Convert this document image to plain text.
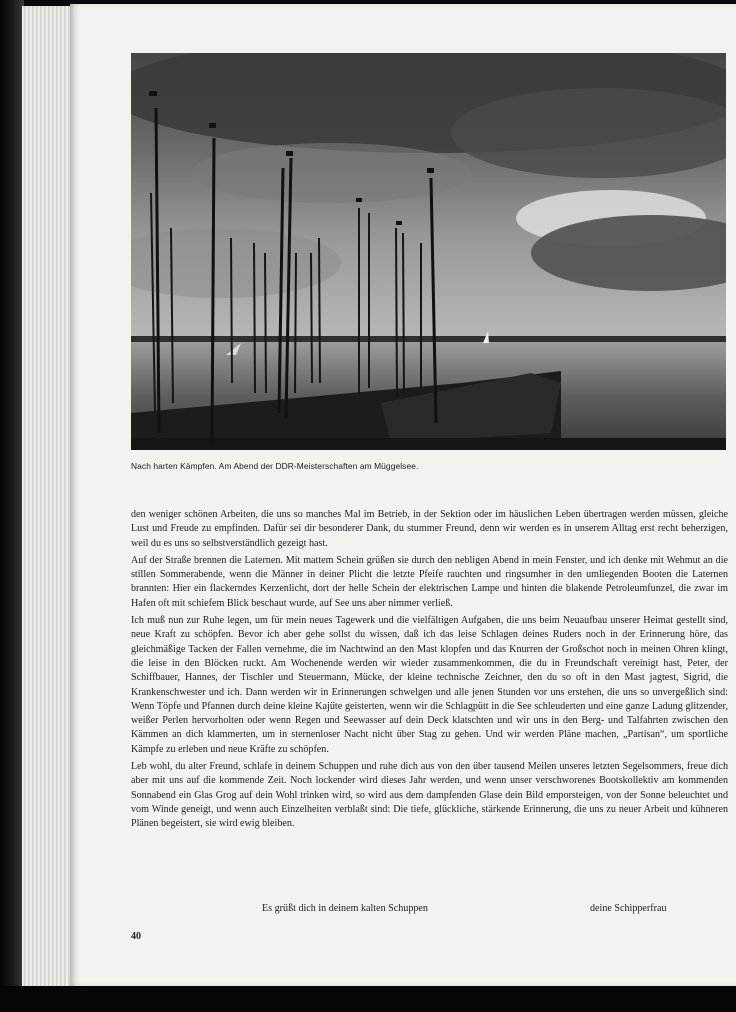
Nach harten Kämpfen. Am Abend der DDR-Meisterschaften am Müggelsee.

den weniger schönen Arbeiten, die uns so manches Mal im Betrieb, in der Sektion oder im häuslichen Leben übertragen werden müssen, gleiche Lust und Freude zu empfinden. Dafür sei dir besonderer Dank, du stummer Freund, denn wir werden es in unserem Alltag erst recht beherzigen, weil du es uns so selbstverständlich gezeigt hast.

Auf der Straße brennen die Laternen. Mit mattem Schein grüßen sie durch den nebligen Abend in mein Fenster, und ich denke mit Wehmut an die stillen Sommerabende, wenn die Männer in deiner Plicht die letzte Pfeife rauchten und ringsumher in den umliegenden Booten die Laternen brannten: Hier ein flackerndes Kerzenlicht, dort der helle Schein der elektrischen Lampe und hinten die blakende Petroleumfunzel, die zwar im Hafen oft mit schiefem Blick beschaut wurde, auf See uns aber nimmer verließ.

Ich muß nun zur Ruhe legen, um für mein neues Tagewerk und die vielfältigen Aufgaben, die uns beim Neuaufbau unserer Heimat gestellt sind, neue Kraft zu schöpfen. Bevor ich aber gehe sollst du wissen, daß ich das leise Schlagen deines Ruders noch in der Erinnerung höre, das gleichmäßige Tacken der Fallen vernehme, die im Nachtwind an den Mast klopfen und das Knurren der Großschot noch in meinen Ohren klingt, die leise in den Blöcken ruckt. Am Wochenende werden wir wieder zusammenkommen, die du in Freundschaft vereinigt hast, Peter, der Schiffbauer, Hannes, der Tischler und Steuermann, Mücke, der kleine technische Zeichner, den du so oft in den Mast jagtest, Sigrid, die Krankenschwester und ich. Dann werden wir in Erinnerungen schwelgen und alle jenen Stunden vor uns erstehen, die uns so unvergeßlich sind: Wenn Töpfe und Pfannen durch deine kleine Kajüte geisterten, wenn wir die Schlagpütt in die See schleuderten und eine ganze Ladung glitzender, weißer Perlen hervorholten oder wenn Regen und Seewasser auf dein Deck klatschten und wir uns in den Berg- und Talfahrten zwischen den Kämmen an dich klammerten, um in sternenloser Nacht nicht über Stag zu gehen. Und wir werden Pläne machen, „Partisan“, um sportliche Kämpfe zu erleben und neue Kräfte zu schöpfen.

Leb wohl, du alter Freund, schlafe in deinem Schuppen und ruhe dich aus von den über tausend Meilen unseres letzten Segelsommers, freue dich aber mit uns auf die kommende Zeit. Noch lockender wird dieses Jahr werden, und wenn unser verschworenes Bootskollektiv am kommenden Sonnabend ein Glas Grog auf dein Wohl trinken wird, so wird aus dem dampfenden Glase dein Bild emporsteigen, von der Sonne beleuchtet und vom Winde geneigt, und wenn auch Einzelheiten verblaßt sind: Die tiefe, glückliche, stärkende Erinnerung, die uns zu neuer Arbeit und kühneren Plänen begeistert, sie wird ewig bleiben.

Es grüßt dich in deinem kalten Schuppen	deine Schipperfrau
40
